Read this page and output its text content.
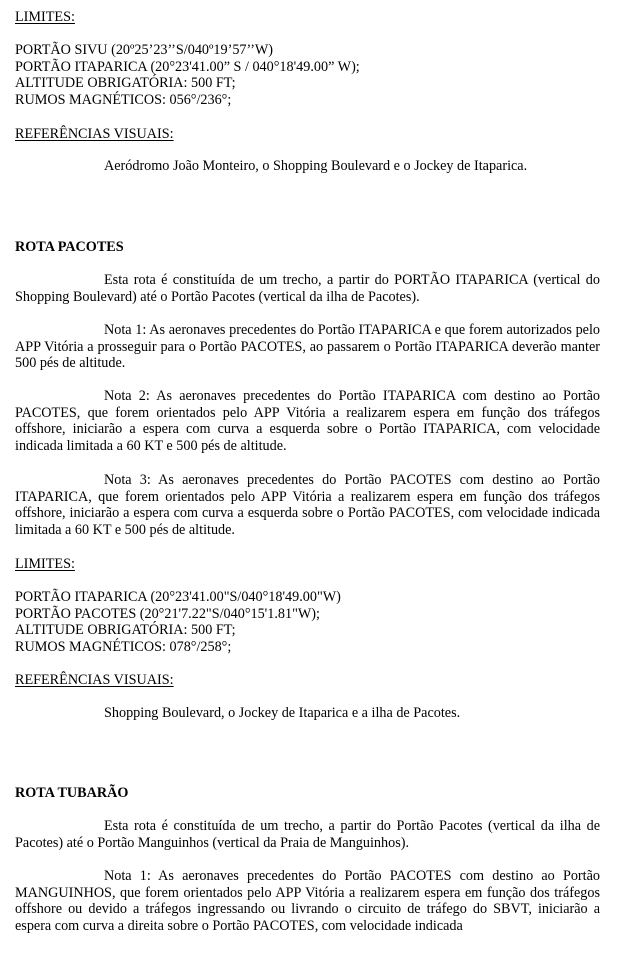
LIMITES:

PORTÃO SIVU (20º25’23’’S/040º19’57’’W)
PORTÃO ITAPARICA (20°23'41.00” S / 040°18'49.00” W);
ALTITUDE OBRIGATÓRIA: 500 FT;
RUMOS MAGNÉTICOS: 056°/236°;

REFERÊNCIAS VISUAIS:

Aeródromo João Monteiro, o Shopping Boulevard e o Jockey de Itaparica.

ROTA PACOTES

Esta rota é constituída de um trecho, a partir do PORTÃO ITAPARICA (vertical do Shopping Boulevard) até o Portão Pacotes (vertical da ilha de Pacotes).

Nota 1: As aeronaves precedentes do Portão ITAPARICA e que forem autorizados pelo APP Vitória a prosseguir para o Portão PACOTES, ao passarem o Portão ITAPARICA deverão manter 500 pés de altitude.

Nota 2: As aeronaves precedentes do Portão ITAPARICA com destino ao Portão PACOTES, que forem orientados pelo APP Vitória a realizarem espera em função dos tráfegos offshore, iniciarão a espera com curva a esquerda sobre o Portão ITAPARICA, com velocidade indicada limitada a 60 KT e 500 pés de altitude.

Nota 3: As aeronaves precedentes do Portão PACOTES com destino ao Portão ITAPARICA, que forem orientados pelo APP Vitória a realizarem espera em função dos tráfegos offshore, iniciarão a espera com curva a esquerda sobre o Portão PACOTES, com velocidade indicada limitada a 60 KT e 500 pés de altitude.

LIMITES:

PORTÃO ITAPARICA (20°23'41.00"S/040°18'49.00"W)
PORTÃO PACOTES (20°21'7.22"S/040°15'1.81"W);
ALTITUDE OBRIGATÓRIA: 500 FT;
RUMOS MAGNÉTICOS: 078°/258°;

REFERÊNCIAS VISUAIS:

Shopping Boulevard, o Jockey de Itaparica e a ilha de Pacotes.

ROTA TUBARÃO

Esta rota é constituída de um trecho, a partir do Portão Pacotes (vertical da ilha de Pacotes) até o Portão Manguinhos (vertical da Praia de Manguinhos).

Nota 1: As aeronaves precedentes do Portão PACOTES com destino ao Portão MANGUINHOS, que forem orientados pelo APP Vitória a realizarem espera em função dos tráfegos offshore ou devido a tráfegos ingressando ou livrando o circuito de tráfego do SBVT, iniciarão a espera com curva a direita sobre o Portão PACOTES, com velocidade indicada
